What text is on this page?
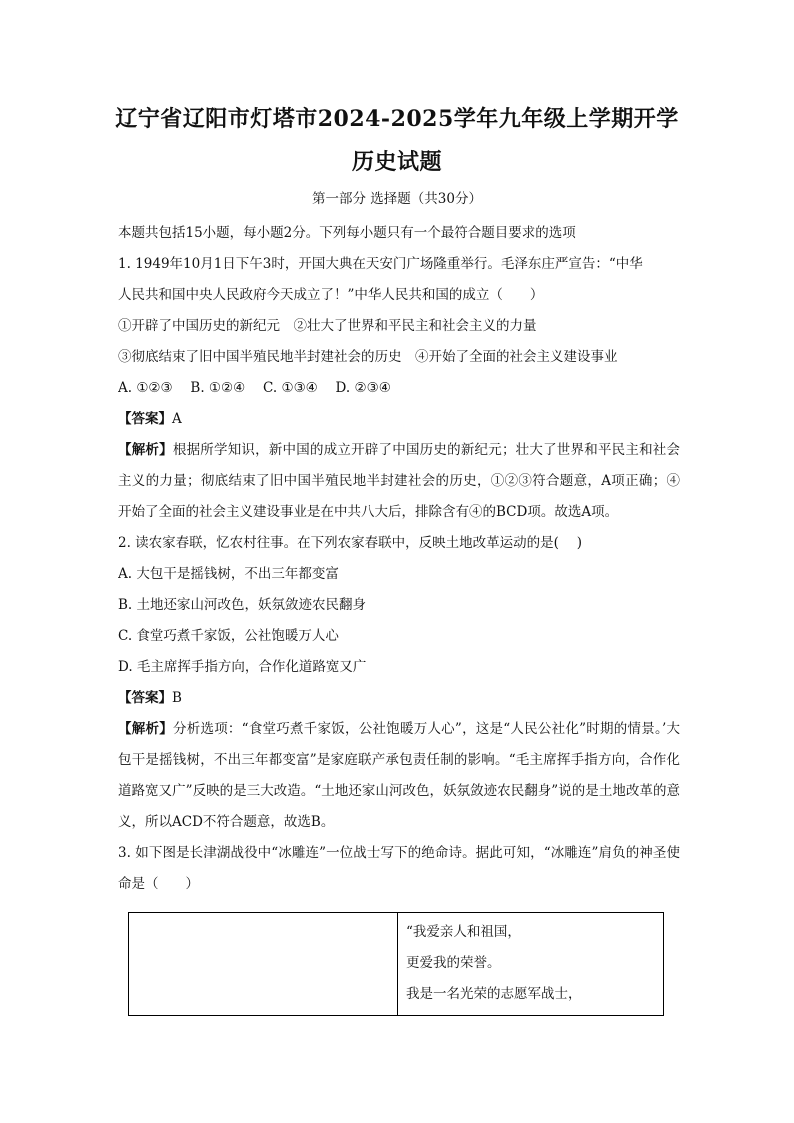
辽宁省辽阳市灯塔市2024-2025学年九年级上学期开学
历史试题
第一部分 选择题（共30分）

本题共包括15小题，每小题2分。下列每小题只有一个最符合题目要求的选项

1. 1949年10月1日下午3时，开国大典在天安门广场隆重举行。毛泽东庄严宣告：“中华

人民共和国中央人民政府今天成立了！”中华人民共和国的成立（　　）

①开辟了中国历史的新纪元　②壮大了世界和平民主和社会主义的力量

③彻底结束了旧中国半殖民地半封建社会的历史　④开始了全面的社会主义建设事业

A. ①②③　 B. ①②④　 C. ①③④　 D. ②③④

【答案】A

【解析】根据所学知识，新中国的成立开辟了中国历史的新纪元；壮大了世界和平民主和社会主义的力量；彻底结束了旧中国半殖民地半封建社会的历史，①②③符合题意，A项正确；④开始了全面的社会主义建设事业是在中共八大后，排除含有④的BCD项。故选A项。

2. 读农家春联，忆农村往事。在下列农家春联中，反映土地改革运动的是(　 )

A. 大包干是摇钱树，不出三年都变富

B. 土地还家山河改色，妖氛敛迹农民翻身

C. 食堂巧煮千家饭，公社饱暖万人心

D. 毛主席挥手指方向，合作化道路宽又广

【答案】B

【解析】分析选项：“食堂巧煮千家饭，公社饱暖万人心”，这是“人民公社化”时期的情景。’大包干是摇钱树，不出三年都变富”是家庭联产承包责任制的影响。“毛主席挥手指方向，合作化道路宽又广”反映的是三大改造。“土地还家山河改色，妖氛敛迹农民翻身”说的是土地改革的意义，所以ACD不符合题意，故选B。

3. 如下图是长津湖战役中“冰雕连”一位战士写下的绝命诗。据此可知，“冰雕连”肩负的神圣使命是（　　）

“我爱亲人和祖国，
更爱我的荣誉。
我是一名光荣的志愿军战士，
